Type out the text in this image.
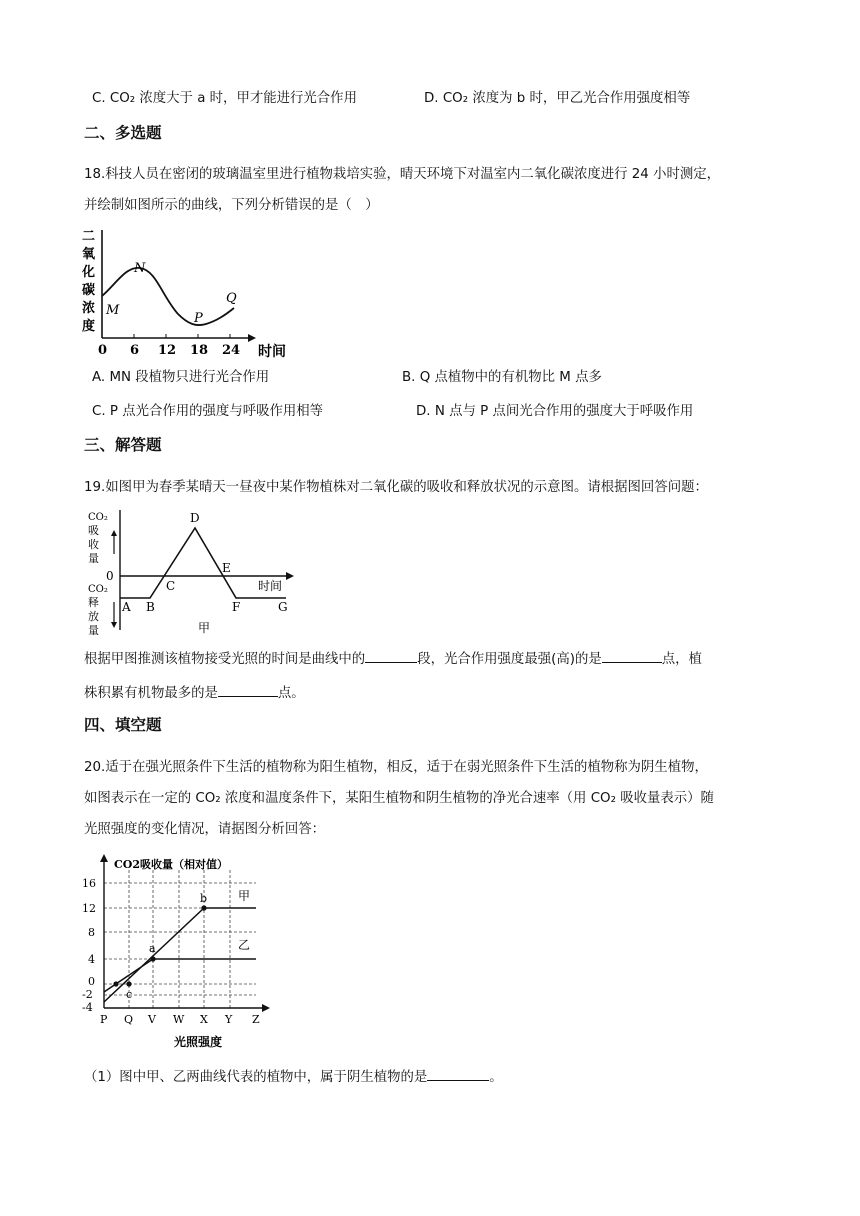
C. CO₂ 浓度大于 a 时，甲才能进行光合作用	D. CO₂ 浓度为 b 时，甲乙光合作用强度相等
二、多选题
18.科技人员在密闭的玻璃温室里进行植物栽培实验，晴天环境下对温室内二氧化碳浓度进行 24 小时测定，
并绘制如图所示的曲线，下列分析错误的是（　）
二
氧
化
碳
浓
度
M
N
P
Q
0 6 12 18 24 时间
A. MN 段植物只进行光合作用	B. Q 点植物中的有机物比 M 点多
C. P 点光合作用的强度与呼吸作用相等	D. N 点与 P 点间光合作用的强度大于呼吸作用
三、解答题
19.如图甲为春季某晴天一昼夜中某作物植株对二氧化碳的吸收和释放状况的示意图。请根据图回答问题：
CO₂
吸
收
量
CO₂
释
放
量
0
时间
A B
C
D
E
F	G
甲
根据甲图推测该植物接受光照的时间是曲线中的	段，光合作用强度最强(高)的是	点，植
株积累有机物最多的是	点。
四、填空题
20.适于在强光照条件下生活的植物称为阳生植物，相反，适于在弱光照条件下生活的植物称为阴生植物，
如图表示在一定的 CO₂ 浓度和温度条件下，某阳生植物和阴生植物的净光合速率（用 CO₂ 吸收量表示）随
光照强度的变化情况，请据图分析回答：
CO2吸收量（相对值）
16
12
8
4
0
-2
-4
P Q V W X Y Z
光照强度
a
b
c
甲
乙
（1）图中甲、乙两曲线代表的植物中，属于阴生植物的是	。
